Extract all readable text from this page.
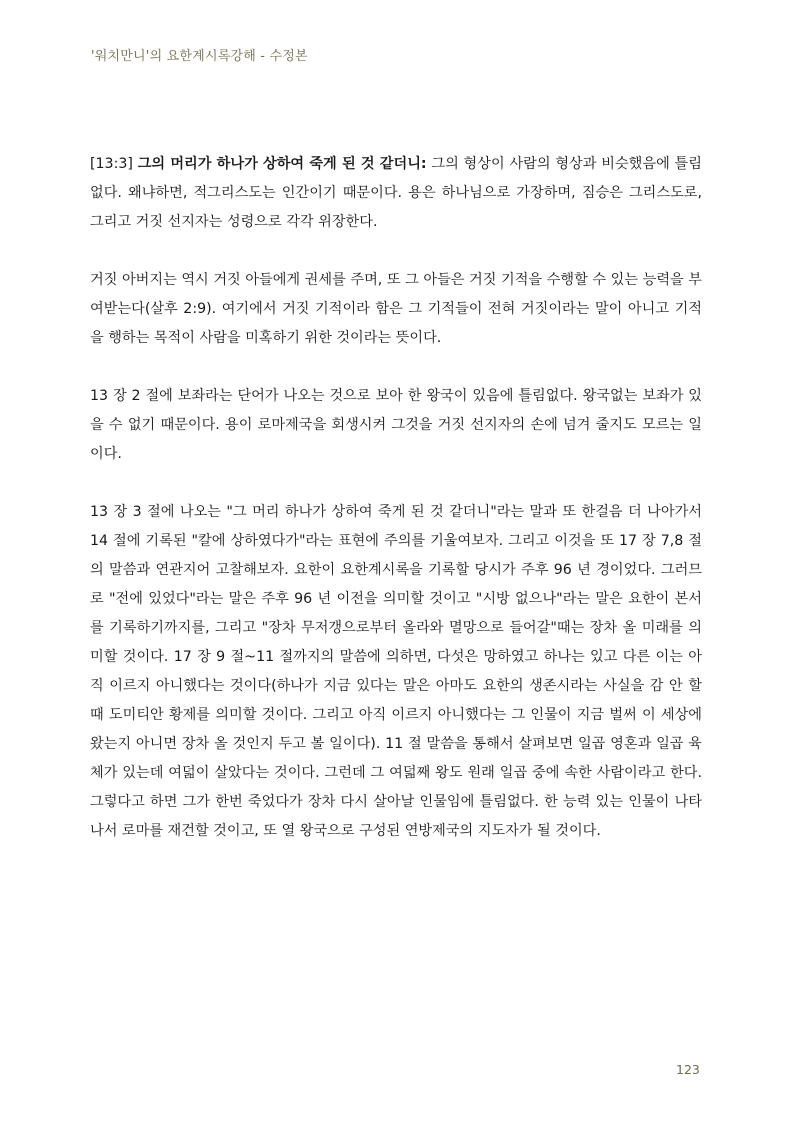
'워치만니'의 요한계시록강해 - 수정본

[13:3] 그의 머리가 하나가 상하여 죽게 된 것 같더니: 그의 형상이 사람의 형상과 비슷했음에 틀림없다. 왜냐하면, 적그리스도는 인간이기 때문이다. 용은 하나님으로 가장하며, 짐승은 그리스도로, 그리고 거짓 선지자는 성령으로 각각 위장한다.

거짓 아버지는 역시 거짓 아들에게 권세를 주며, 또 그 아들은 거짓 기적을 수행할 수 있는 능력을 부여받는다(살후 2:9). 여기에서 거짓 기적이라 함은 그 기적들이 전혀 거짓이라는 말이 아니고 기적을 행하는 목적이 사람을 미혹하기 위한 것이라는 뜻이다.

13 장 2 절에 보좌라는 단어가 나오는 것으로 보아 한 왕국이 있음에 틀림없다. 왕국없는 보좌가 있을 수 없기 때문이다. 용이 로마제국을 회생시켜 그것을 거짓 선지자의 손에 넘겨 줄지도 모르는 일이다.

13 장 3 절에 나오는 "그 머리 하나가 상하여 죽게 된 것 같더니"라는 말과 또 한걸음 더 나아가서 14 절에 기록된 "칼에 상하였다가"라는 표현에 주의를 기울여보자. 그리고 이것을 또 17 장 7,8 절의 말씀과 연관지어 고찰해보자. 요한이 요한계시록을 기록할 당시가 주후 96 년 경이었다. 그러므로 "전에 있었다"라는 말은 주후 96 년 이전을 의미할 것이고 "시방 없으나"라는 말은 요한이 본서를 기록하기까지를, 그리고 "장차 무저갱으로부터 올라와 멸망으로 들어갈"때는 장차 올 미래를 의미할 것이다. 17 장 9 절~11 절까지의 말씀에 의하면, 다섯은 망하였고 하나는 있고 다른 이는 아직 이르지 아니했다는 것이다(하나가 지금 있다는 말은 아마도 요한의 생존시라는 사실을 감 안 할 때 도미티안 황제를 의미할 것이다. 그리고 아직 이르지 아니했다는 그 인물이 지금 벌써 이 세상에 왔는지 아니면 장차 올 것인지 두고 볼 일이다). 11 절 말씀을 통해서 살펴보면 일곱 영혼과 일곱 육체가 있는데 여덟이 살았다는 것이다. 그런데 그 여덟째 왕도 원래 일곱 중에 속한 사람이라고 한다. 그렇다고 하면 그가 한번 죽었다가 장차 다시 살아날 인물임에 틀림없다. 한 능력 있는 인물이 나타나서 로마를 재건할 것이고, 또 열 왕국으로 구성된 연방제국의 지도자가 될 것이다.

123
